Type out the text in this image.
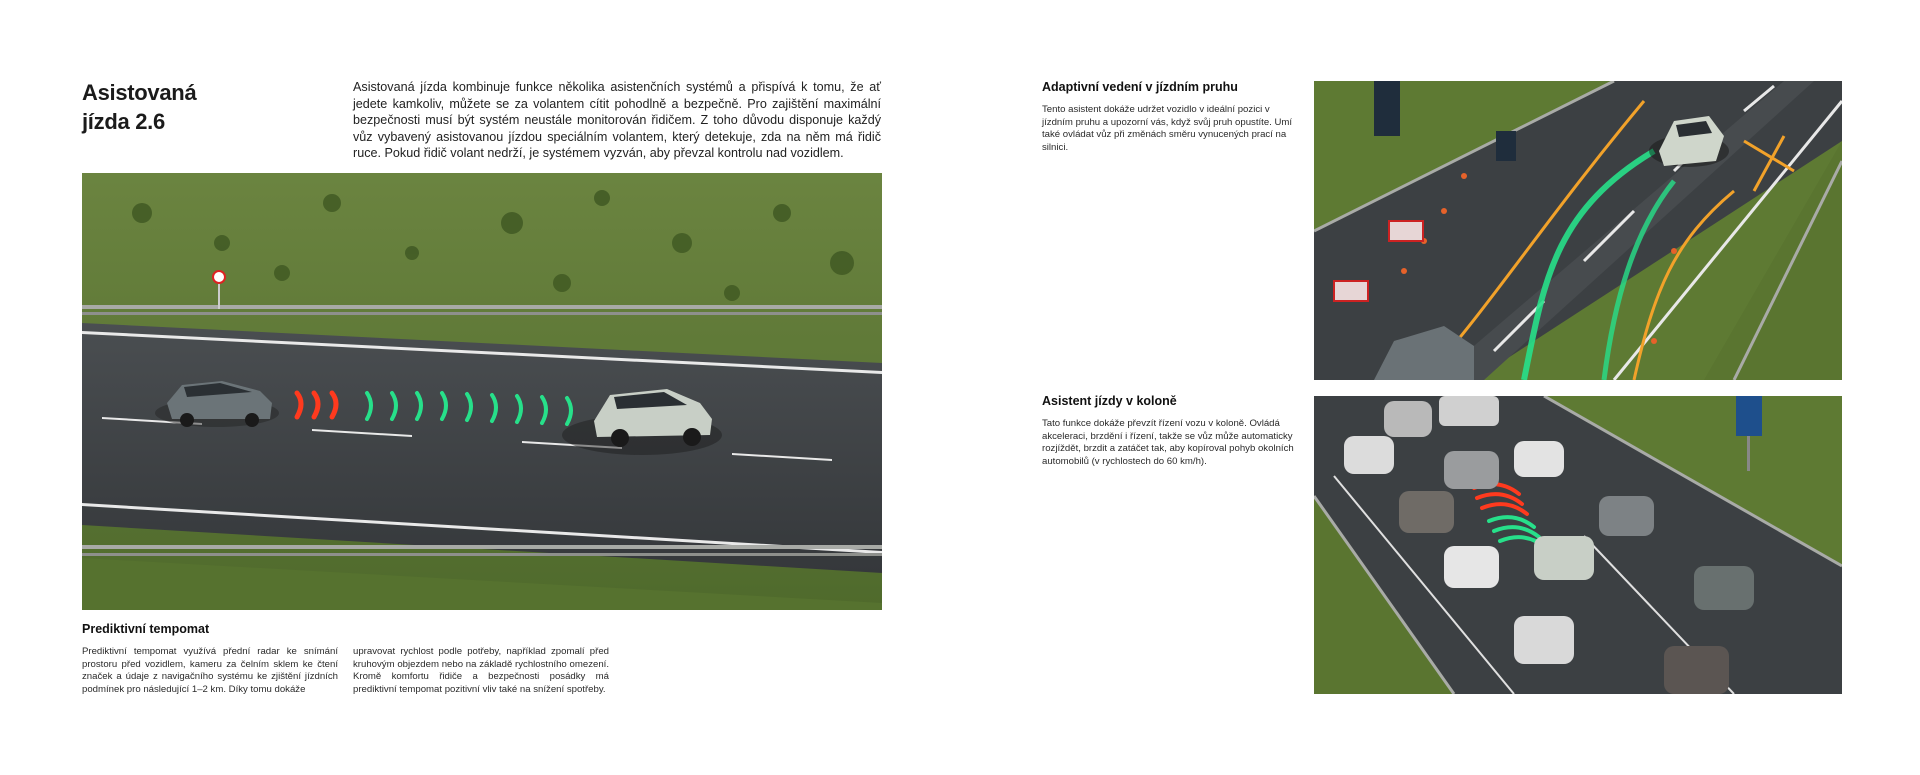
Asistovaná
jízda 2.6

Asistovaná jízda kombinuje funkce několika asistenčních systémů a přispívá k tomu, že ať jedete kamkoliv, můžete se za volantem cítit pohodlně a bezpečně. Pro zajištění maximální bezpečnosti musí být systém neustále monitorován řidičem. Z toho důvodu disponuje každý vůz vybavený asistovanou jízdou speciálním volantem, který detekuje, zda na něm má řidič ruce. Pokud řidič volant nedrží, je systémem vyzván, aby převzal kontrolu nad vozidlem.

Prediktivní tempomat

Prediktivní tempomat využívá přední radar ke snímání prostoru před vozidlem, kameru za čelním sklem ke čtení značek a údaje z navigačního systému ke zjištění jízdních podmínek pro následující 1–2 km. Díky tomu dokáže

upravovat rychlost podle potřeby, například zpomalí před kruhovým objezdem nebo na základě rychlostního omezení. Kromě komfortu řidiče a bezpečnosti posádky má prediktivní tempomat pozitivní vliv také na snížení spotřeby.

Adaptivní vedení v jízdním pruhu

Tento asistent dokáže udržet vozidlo v ideální pozici v jízdním pruhu a upozorní vás, když svůj pruh opustíte. Umí také ovládat vůz při změnách směru vynucených prací na silnici.

Asistent jízdy v koloně

Tato funkce dokáže převzít řízení vozu v koloně. Ovládá akceleraci, brzdění i řízení, takže se vůz může automaticky rozjíždět, brzdit a zatáčet tak, aby kopíroval pohyb okolních automobilů (v rychlostech do 60 km/h).
